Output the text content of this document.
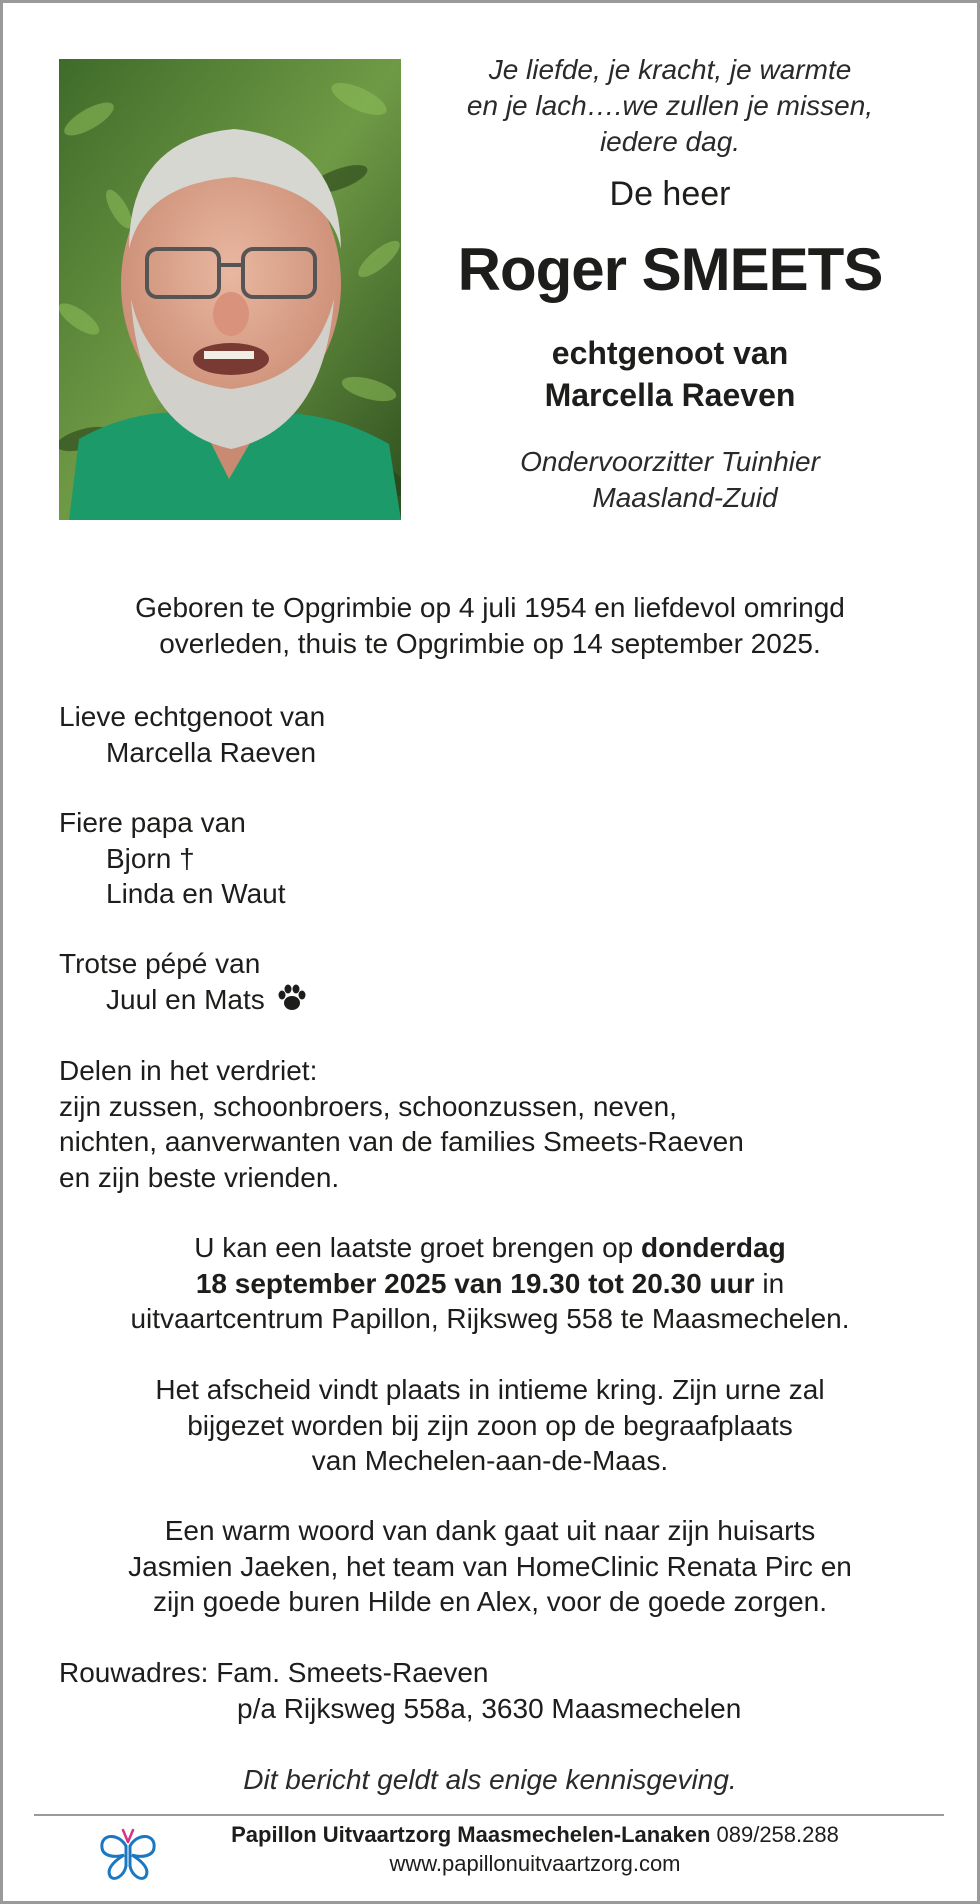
Je liefde, je kracht, je warmte
en je lach….we zullen je missen,
iedere dag.
De heer
Roger SMEETS
echtgenoot van
Marcella Raeven
Ondervoorzitter Tuinhier
Maasland-Zuid
Geboren te Opgrimbie op 4 juli 1954 en liefdevol omringd
overleden, thuis te Opgrimbie op 14 september 2025.
Lieve echtgenoot van
Marcella Raeven
Fiere papa van
Bjorn †
Linda en Waut
Trotse pépé van
Juul en Mats
Delen in het verdriet:
zijn zussen, schoonbroers, schoonzussen, neven,
nichten, aanverwanten van de families Smeets-Raeven
en zijn beste vrienden.
U kan een laatste groet brengen op donderdag
18 september 2025 van 19.30 tot 20.30 uur in
uitvaartcentrum Papillon, Rijksweg 558 te Maasmechelen.
Het afscheid vindt plaats in intieme kring. Zijn urne zal
bijgezet worden bij zijn zoon op de begraafplaats
van Mechelen-aan-de-Maas.
Een warm woord van dank gaat uit naar zijn huisarts
Jasmien Jaeken, het team van HomeClinic Renata Pirc en
zijn goede buren Hilde en Alex, voor de goede zorgen.
Rouwadres: Fam. Smeets-Raeven
p/a Rijksweg 558a, 3630 Maasmechelen
Dit bericht geldt als enige kennisgeving.
Papillon Uitvaartzorg Maasmechelen-Lanaken 089/258.288
www.papillonuitvaartzorg.com
